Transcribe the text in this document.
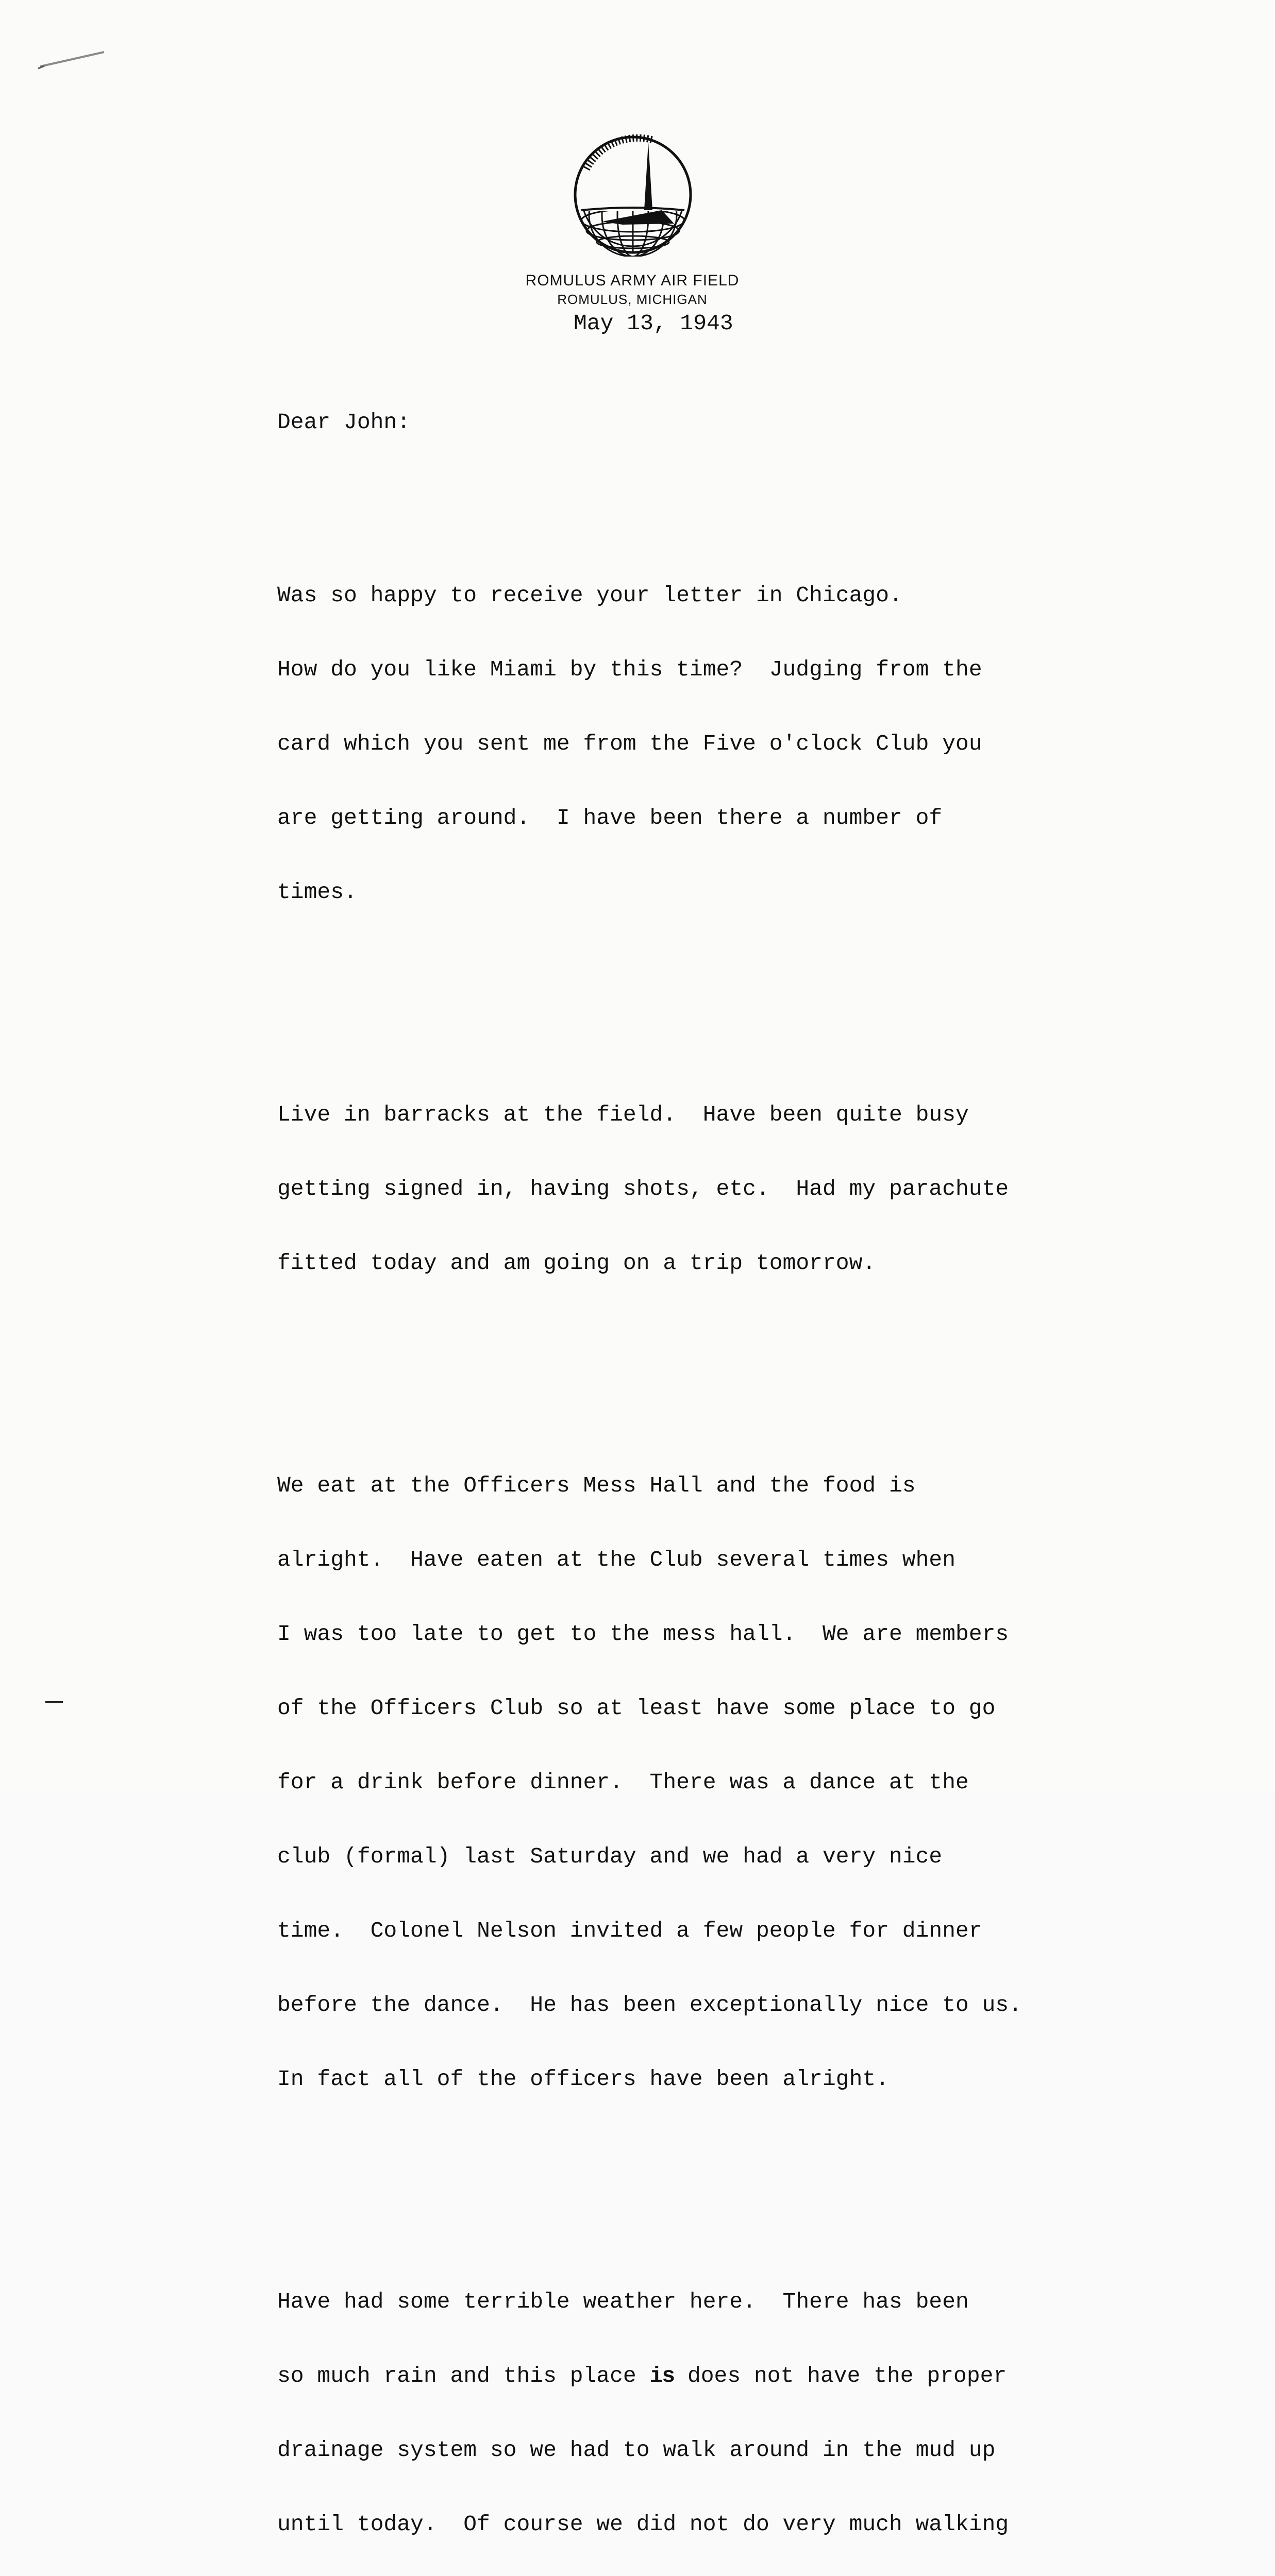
ROMULUS ARMY AIR FIELD
ROMULUS, MICHIGAN
May 13, 1943

Dear John:

Was so happy to receive your letter in Chicago.

How do you like Miami by this time?  Judging from the

card which you sent me from the Five o'clock Club you

are getting around.  I have been there a number of

times.

Live in barracks at the field.  Have been quite busy

getting signed in, having shots, etc.  Had my parachute

fitted today and am going on a trip tomorrow.

We eat at the Officers Mess Hall and the food is

alright.  Have eaten at the Club several times when

I was too late to get to the mess hall.  We are members

of the Officers Club so at least have some place to go

for a drink before dinner.  There was a dance at the

club (formal) last Saturday and we had a very nice

time.  Colonel Nelson invited a few people for dinner

before the dance.  He has been exceptionally nice to us.

In fact all of the officers have been alright.

Have had some terrible weather here.  There has been

so much rain and this place is does not have the proper

drainage system so we had to walk around in the mud up

until today.  Of course we did not do very much walking
